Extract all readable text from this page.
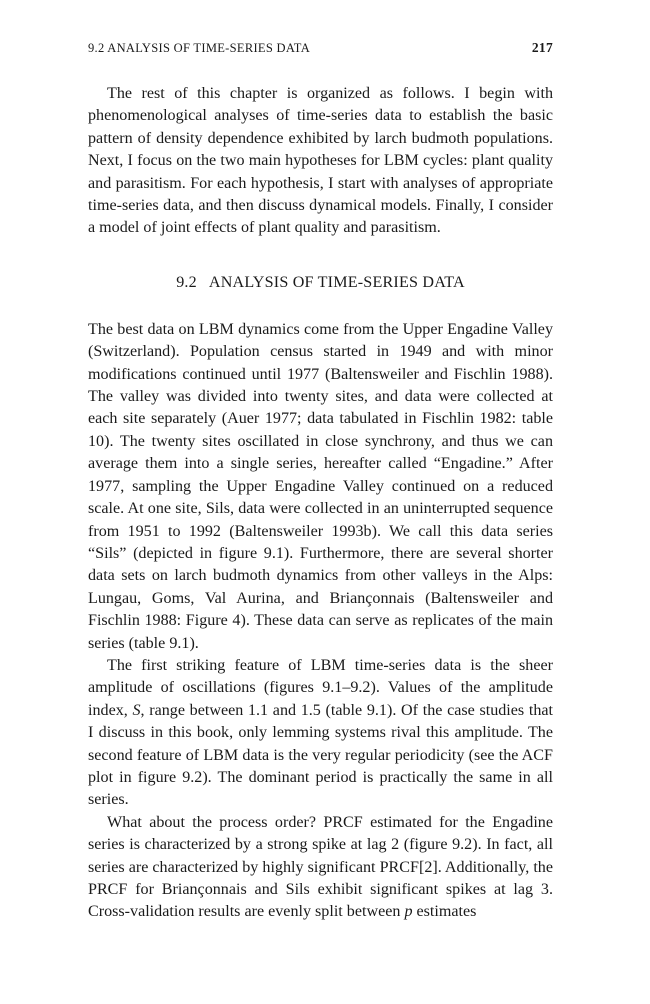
9.2 ANALYSIS OF TIME-SERIES DATA	217

The rest of this chapter is organized as follows. I begin with phenomenological analyses of time-series data to establish the basic pattern of density dependence exhibited by larch budmoth populations. Next, I focus on the two main hypotheses for LBM cycles: plant quality and parasitism. For each hypothesis, I start with analyses of appropriate time-series data, and then discuss dynamical models. Finally, I consider a model of joint effects of plant quality and parasitism.

9.2 ANALYSIS OF TIME-SERIES DATA

The best data on LBM dynamics come from the Upper Engadine Valley (Switzerland). Population census started in 1949 and with minor modifications continued until 1977 (Baltensweiler and Fischlin 1988). The valley was divided into twenty sites, and data were collected at each site separately (Auer 1977; data tabulated in Fischlin 1982: table 10). The twenty sites oscillated in close synchrony, and thus we can average them into a single series, hereafter called “Engadine.” After 1977, sampling the Upper Engadine Valley continued on a reduced scale. At one site, Sils, data were collected in an uninterrupted sequence from 1951 to 1992 (Baltensweiler 1993b). We call this data series “Sils” (depicted in figure 9.1). Furthermore, there are several shorter data sets on larch budmoth dynamics from other valleys in the Alps: Lungau, Goms, Val Aurina, and Briançonnais (Baltensweiler and Fischlin 1988: Figure 4). These data can serve as replicates of the main series (table 9.1).

The first striking feature of LBM time-series data is the sheer amplitude of oscillations (figures 9.1–9.2). Values of the amplitude index, S, range between 1.1 and 1.5 (table 9.1). Of the case studies that I discuss in this book, only lemming systems rival this amplitude. The second feature of LBM data is the very regular periodicity (see the ACF plot in figure 9.2). The dominant period is practically the same in all series.

What about the process order? PRCF estimated for the Engadine series is characterized by a strong spike at lag 2 (figure 9.2). In fact, all series are characterized by highly significant PRCF[2]. Additionally, the PRCF for Briançonnais and Sils exhibit significant spikes at lag 3. Cross-validation results are evenly split between p estimates
